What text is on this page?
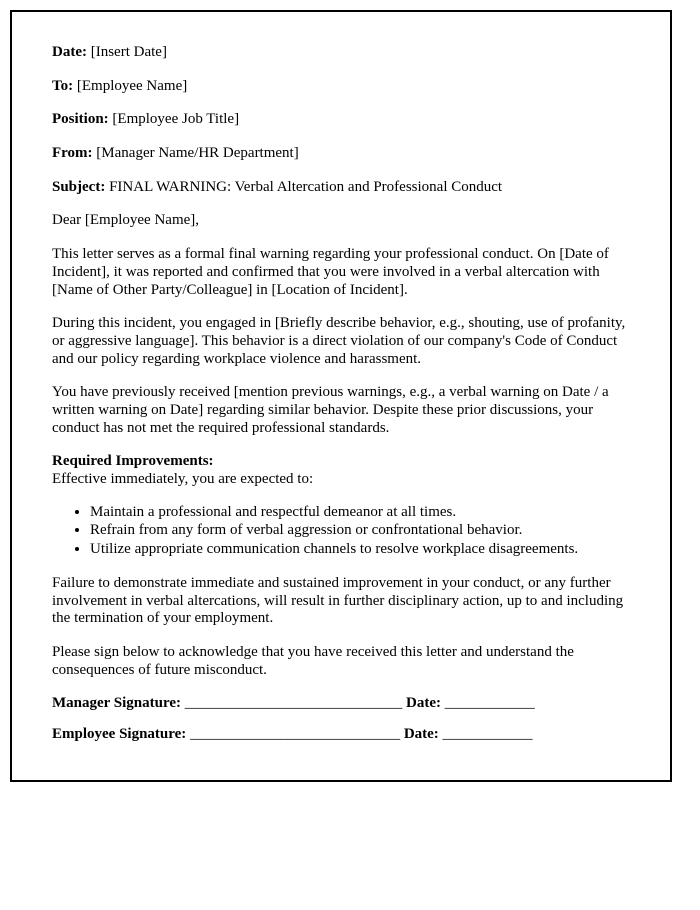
Date: [Insert Date]

To: [Employee Name]

Position: [Employee Job Title]

From: [Manager Name/HR Department]

Subject: FINAL WARNING: Verbal Altercation and Professional Conduct

Dear [Employee Name],

This letter serves as a formal final warning regarding your professional conduct. On [Date of Incident], it was reported and confirmed that you were involved in a verbal altercation with [Name of Other Party/Colleague] in [Location of Incident].

During this incident, you engaged in [Briefly describe behavior, e.g., shouting, use of profanity, or aggressive language]. This behavior is a direct violation of our company's Code of Conduct and our policy regarding workplace violence and harassment.

You have previously received [mention previous warnings, e.g., a verbal warning on Date / a written warning on Date] regarding similar behavior. Despite these prior discussions, your conduct has not met the required professional standards.

Required Improvements:
Effective immediately, you are expected to:

• Maintain a professional and respectful demeanor at all times.
• Refrain from any form of verbal aggression or confrontational behavior.
• Utilize appropriate communication channels to resolve workplace disagreements.

Failure to demonstrate immediate and sustained improvement in your conduct, or any further involvement in verbal altercations, will result in further disciplinary action, up to and including the termination of your employment.

Please sign below to acknowledge that you have received this letter and understand the consequences of future misconduct.

Manager Signature: _____________________________ Date: ____________

Employee Signature: ____________________________ Date: ____________
